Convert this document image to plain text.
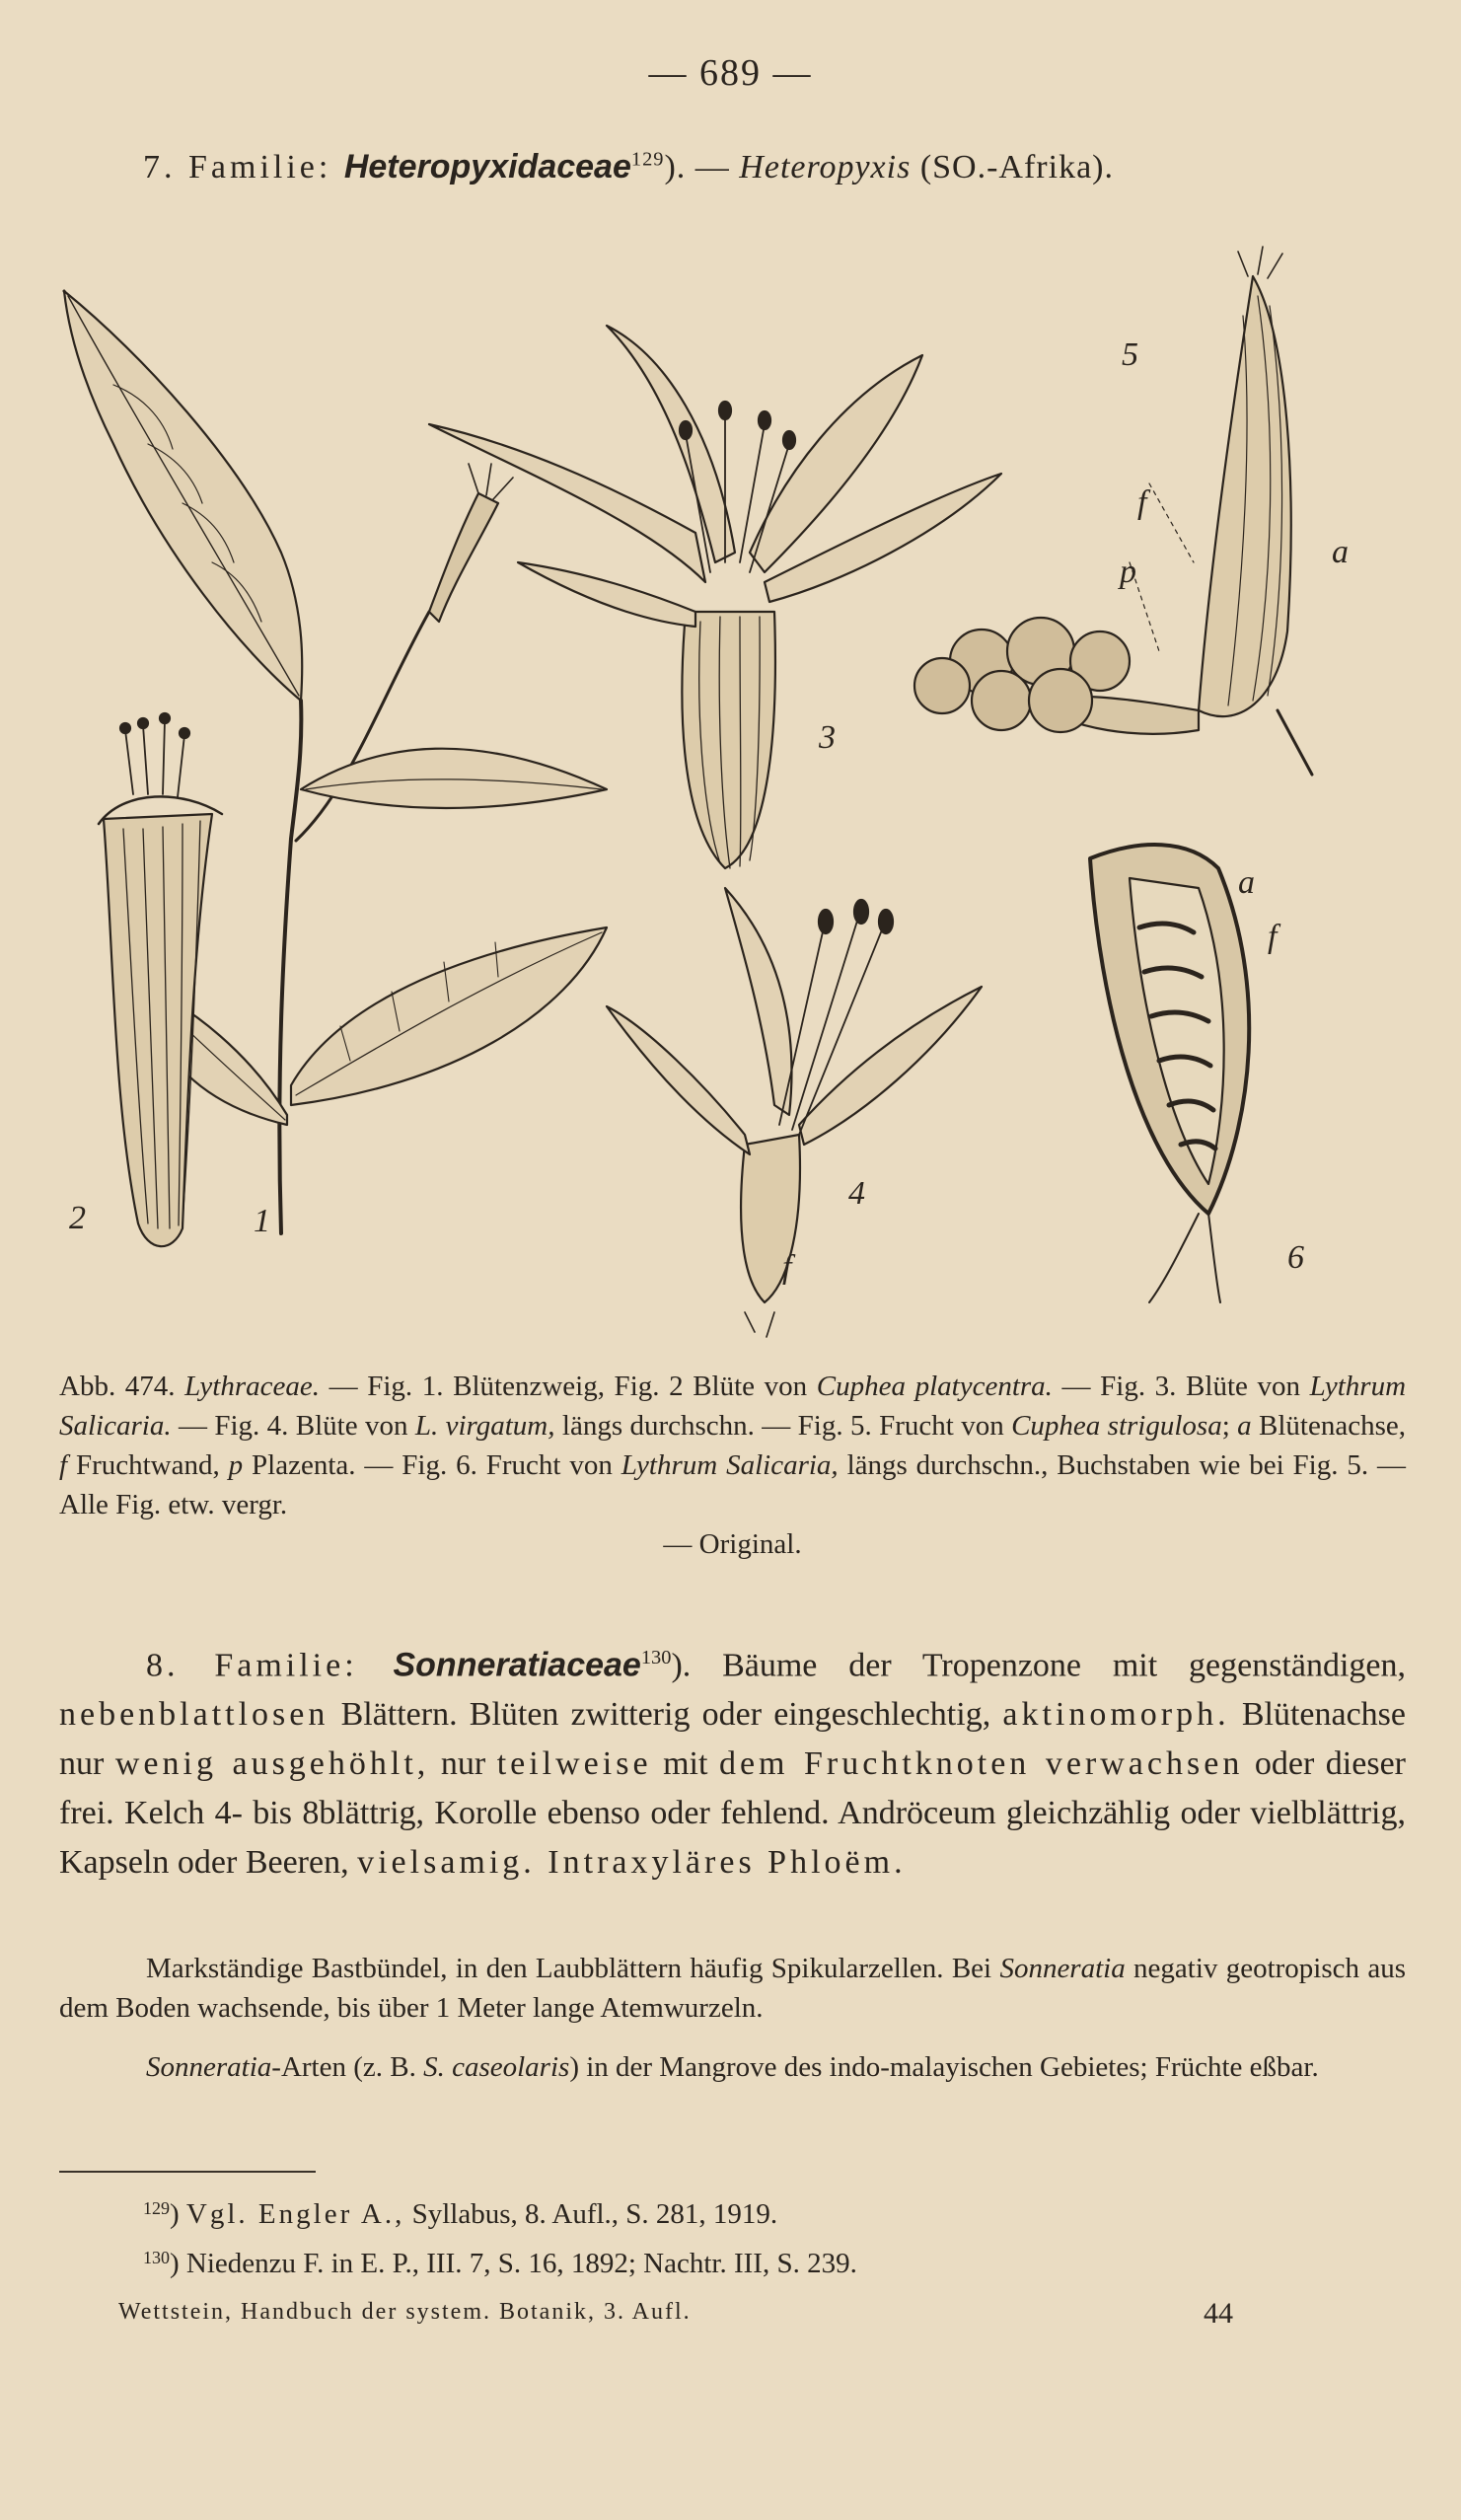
— 689 —
7. Familie: Heteropyxidaceae$^{129}$). — Heteropyxis (SO.-Afrika).
1
2
3
4
5
6
f
p
a
a
f
f
Abb. 474. Lythraceae. — Fig. 1. Blütenzweig, Fig. 2 Blüte von Cuphea platycentra. — Fig. 3. Blüte von Lythrum Salicaria. — Fig. 4. Blüte von L. virgatum, längs durchschn. — Fig. 5. Frucht von Cuphea strigulosa; a Blütenachse, f Fruchtwand, p Plazenta. — Fig. 6. Frucht von Lythrum Salicaria, längs durchschn., Buchstaben wie bei Fig. 5. — Alle Fig. etw. vergr.
— Original.
8. Familie: Sonneratiaceae$^{130}$). Bäume der Tropenzone mit gegenständigen, nebenblattlosen Blättern. Blüten zwitterig oder eingeschlechtig, aktinomorph. Blütenachse nur wenig ausgehöhlt, nur teilweise mit dem Fruchtknoten verwachsen oder dieser frei. Kelch 4- bis 8blättrig, Korolle ebenso oder fehlend. Andröceum gleichzählig oder vielblättrig, Kapseln oder Beeren, vielsamig. Intraxyläres Phloëm.
Markständige Bastbündel, in den Laubblättern häufig Spikularzellen. Bei Sonneratia negativ geotropisch aus dem Boden wachsende, bis über 1 Meter lange Atemwurzeln.
Sonneratia-Arten (z. B. S. caseolaris) in der Mangrove des indo-malayischen Gebietes; Früchte eßbar.
$^{129}$) Vgl. Engler A., Syllabus, 8. Aufl., S. 281, 1919.
$^{130}$) Niedenzu F. in E. P., III. 7, S. 16, 1892; Nachtr. III, S. 239.
Wettstein, Handbuch der system. Botanik, 3. Aufl.	44
